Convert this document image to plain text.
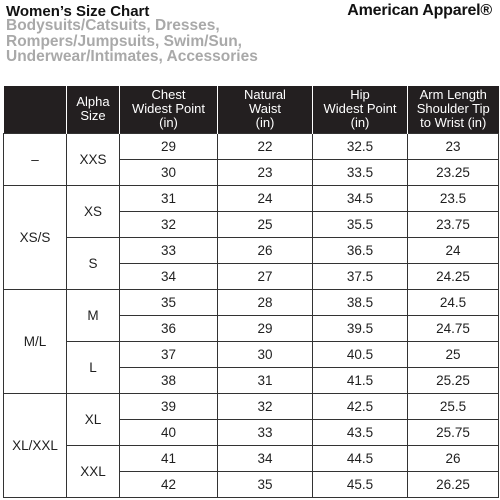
Women’s Size Chart	American Apparel®
Bodysuits/Catsuits, Dresses,
Rompers/Jumpsuits, Swim/Sun,
Underwear/Intimates, Accessories
	Alpha
Size	Chest
Widest Point
(in)	Natural
Waist
(in)	Hip
Widest Point
(in)	Arm Length
Shoulder Tip
to Wrist (in)
–	XXS	29	22	32.5	23
		30	23	33.5	23.25
XS/S	XS	31	24	34.5	23.5
		32	25	35.5	23.75
	S	33	26	36.5	24
		34	27	37.5	24.25
M/L	M	35	28	38.5	24.5
		36	29	39.5	24.75
	L	37	30	40.5	25
		38	31	41.5	25.25
XL/XXL	XL	39	32	42.5	25.5
		40	33	43.5	25.75
	XXL	41	34	44.5	26
		42	35	45.5	26.25
